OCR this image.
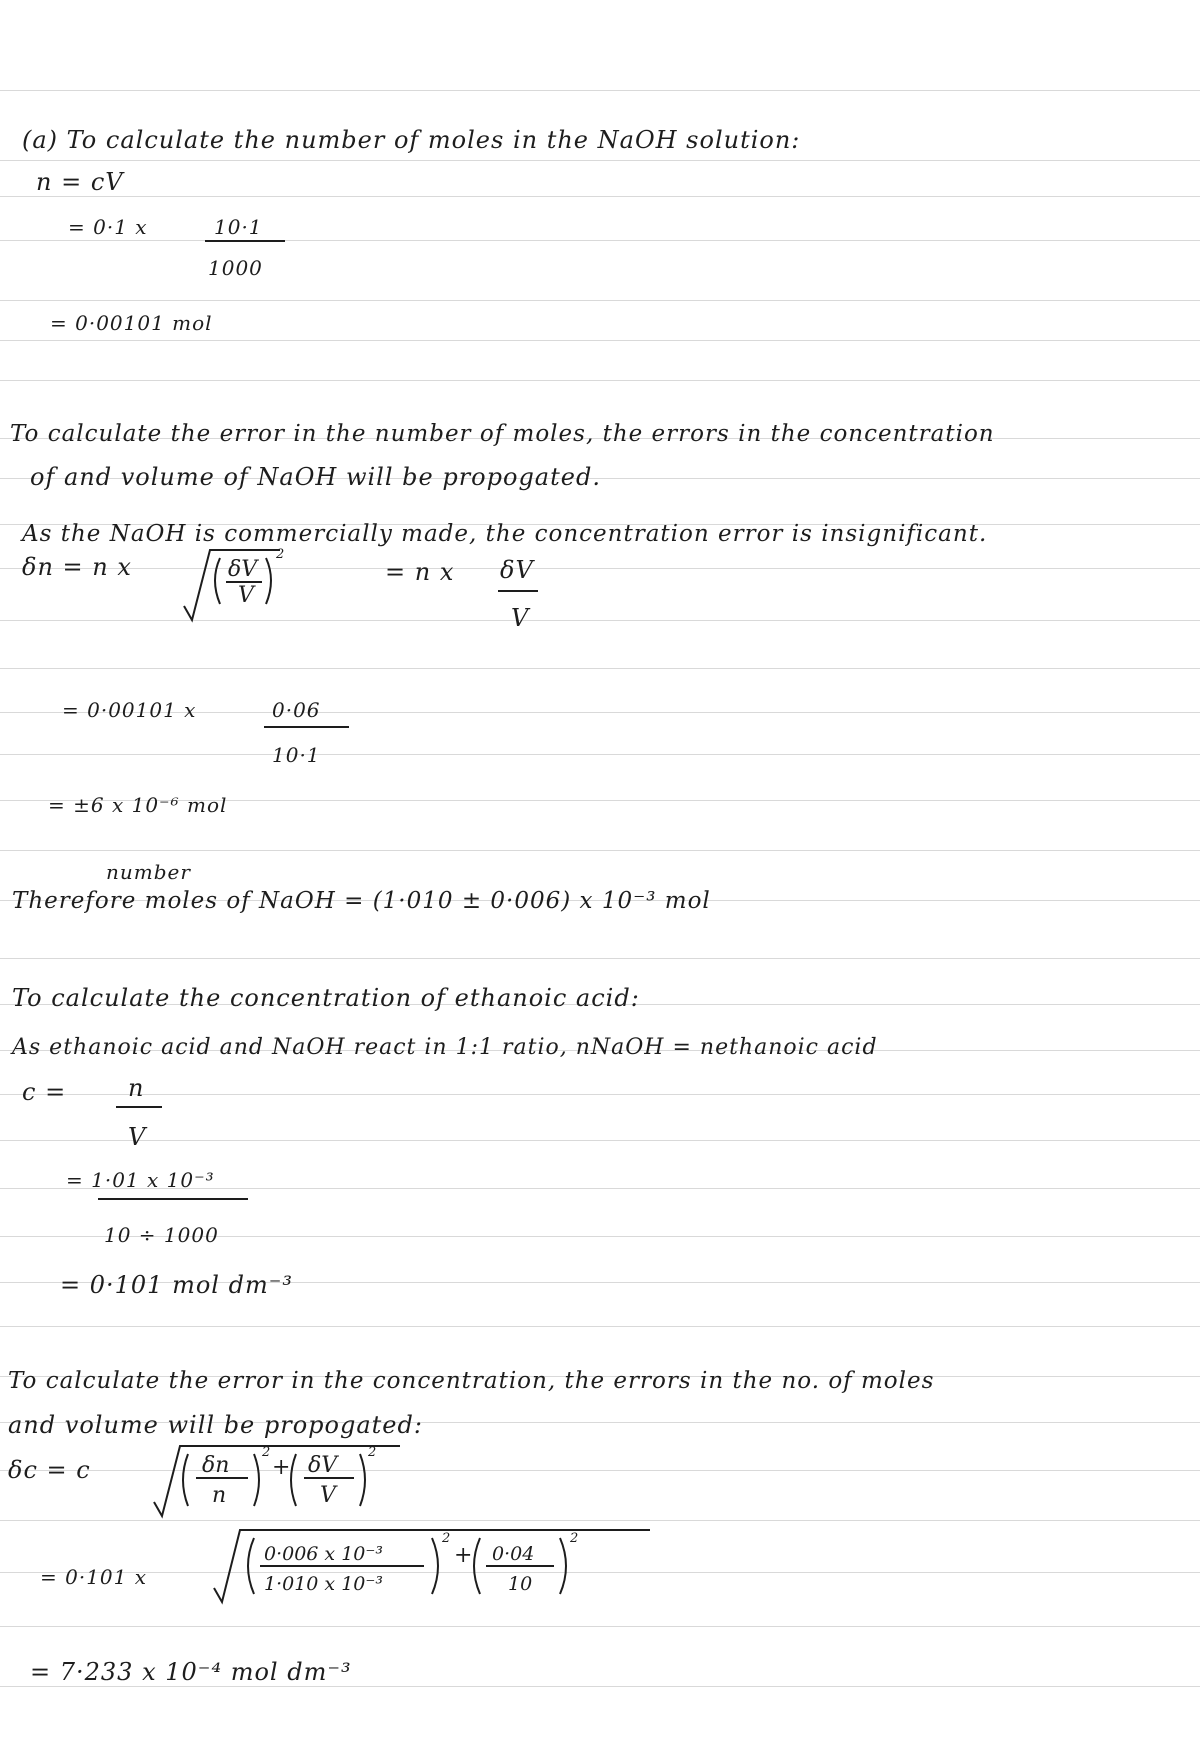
(a) To calculate the number of moles in the NaOH solution:
n = cV
= 0·1 x	10·1
1000
= 0·00101 mol
To calculate the error in the number of moles, the errors in the concentration
of and volume of NaOH will be propogated.
As the NaOH is commercially made, the concentration error is insignificant.
δn = n x	δV
V
2
= n x δV
V
= 0·00101 x	0·06
10·1
= ±6 x 10⁻⁶ mol
number
Therefore moles of NaOH = (1·010 ± 0·006) x 10⁻³ mol
To calculate the concentration of ethanoic acid:
As ethanoic acid and NaOH react in 1:1 ratio, nNaOH = nethanoic acid
c =	n
V
= 1·01 x 10⁻³
10 ÷ 1000
= 0·101 mol dm⁻³
To calculate the error in the concentration, the errors in the no. of moles
and volume will be propogated:
δc = c	δn
n
2
+ δV
V
2
= 0·101 x
0·006 x 10⁻³
1·010 x 10⁻³
2
+ 0·04
10
2
= 7·233 x 10⁻⁴ mol dm⁻³
